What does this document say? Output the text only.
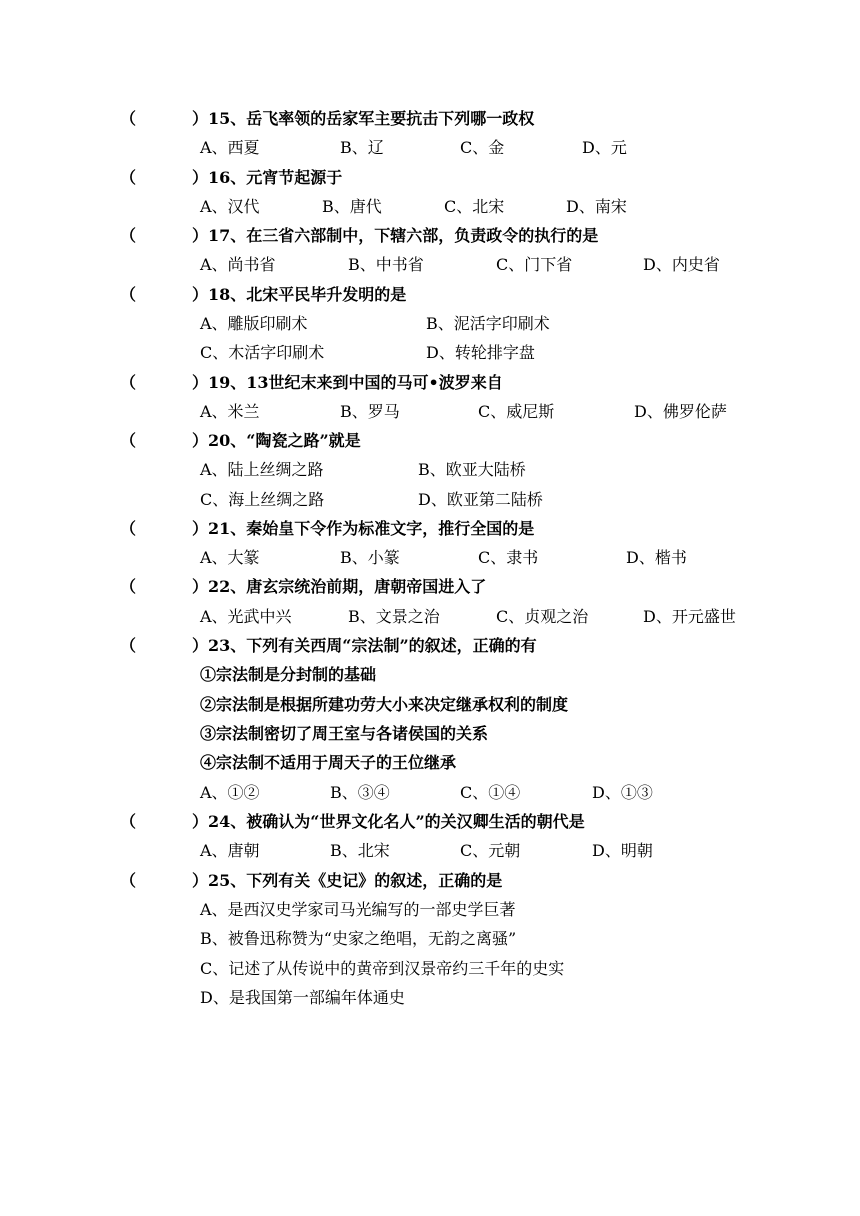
（	） 15、岳飞率领的岳家军主要抗击下列哪一政权
A、西夏	B、辽	C、金	D、元
（	） 16、元宵节起源于
A、汉代	B、唐代	C、北宋	D、南宋
（	） 17、在三省六部制中，下辖六部，负责政令的执行的是
A、尚书省	B、中书省	C、门下省	D、内史省
（	） 18、北宋平民毕升发明的是
A、雕版印刷术	B、泥活字印刷术
C、木活字印刷术	D、转轮排字盘
（	） 19、13世纪末来到中国的马可•波罗来自
A、米兰	B、罗马	C、威尼斯	D、佛罗伦萨
（	） 20、“陶瓷之路”就是
A、陆上丝绸之路	B、欧亚大陆桥
C、海上丝绸之路	D、欧亚第二陆桥
（	） 21、秦始皇下令作为标准文字，推行全国的是
A、大篆	B、小篆	C、隶书	D、楷书
（	） 22、唐玄宗统治前期，唐朝帝国进入了
A、光武中兴	B、文景之治	C、贞观之治	D、开元盛世
（	） 23、下列有关西周“宗法制”的叙述，正确的有
①宗法制是分封制的基础
②宗法制是根据所建功劳大小来决定继承权利的制度
③宗法制密切了周王室与各诸侯国的关系
④宗法制不适用于周天子的王位继承
A、①②	B、③④	C、①④	D、①③
（	） 24、被确认为“世界文化名人”的关汉卿生活的朝代是
A、唐朝	B、北宋	C、元朝	D、明朝
（	） 25、下列有关《史记》的叙述，正确的是
A、是西汉史学家司马光编写的一部史学巨著
B、被鲁迅称赞为“史家之绝唱，无韵之离骚”
C、记述了从传说中的黄帝到汉景帝约三千年的史实
D、是我国第一部编年体通史
